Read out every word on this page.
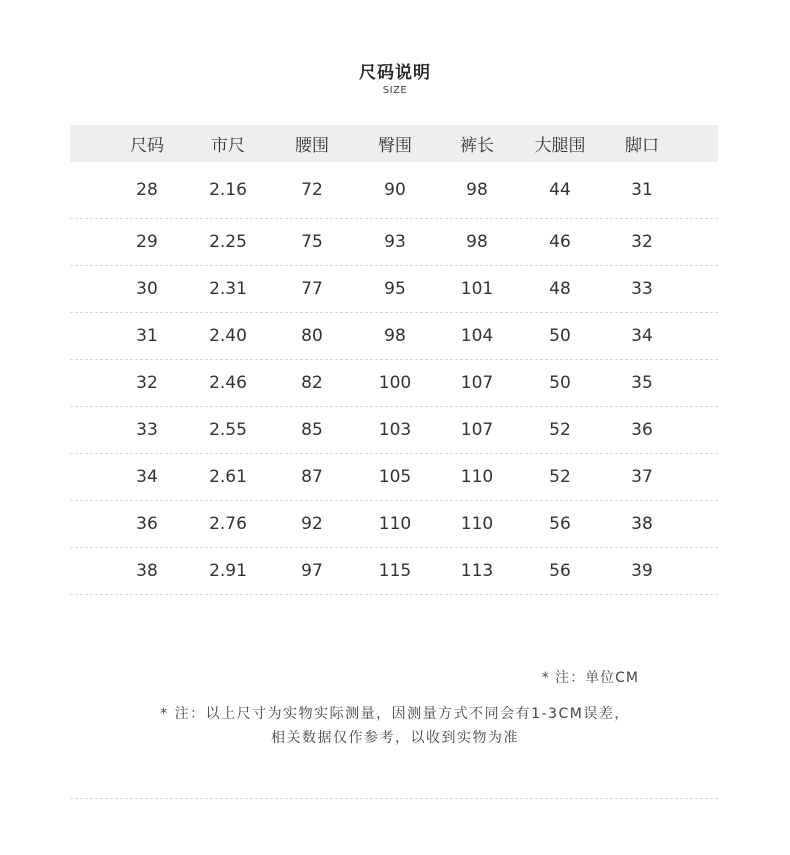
尺码说明
SIZE
尺码	市尺	腰围	臀围	裤长 大腿围 脚口
28	2.16	72	90	98	44	31
29	2.25	75	93	98	46	32
30	2.31	77	95	101	48	33
31	2.40	80	98	104	50	34
32	2.46	82	100	107	50	35
33	2.55	85	103	107	52	36
34	2.61	87	105	110	52	37
36	2.76	92	110	110	56	38
38	2.91	97	115	113	56	39
* 注：单位CM
* 注：以上尺寸为实物实际测量，因测量方式不同会有1-3CM误差，
相关数据仅作参考，以收到实物为准
